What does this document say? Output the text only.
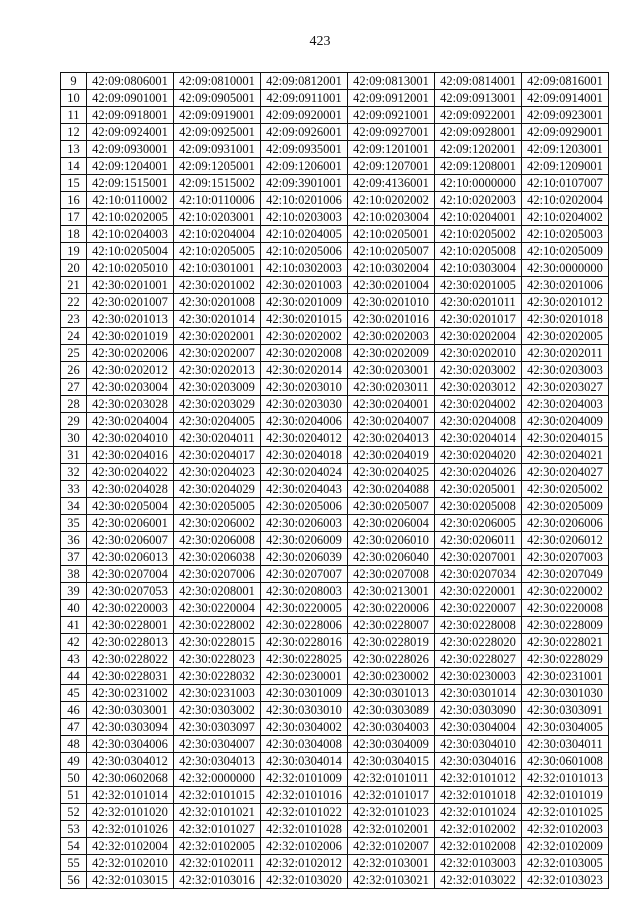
423
9	42:09:0806001	42:09:0810001	42:09:0812001	42:09:0813001	42:09:0814001	42:09:0816001
10	42:09:0901001	42:09:0905001	42:09:0911001	42:09:0912001	42:09:0913001	42:09:0914001
11	42:09:0918001	42:09:0919001	42:09:0920001	42:09:0921001	42:09:0922001	42:09:0923001
12	42:09:0924001	42:09:0925001	42:09:0926001	42:09:0927001	42:09:0928001	42:09:0929001
13	42:09:0930001	42:09:0931001	42:09:0935001	42:09:1201001	42:09:1202001	42:09:1203001
14	42:09:1204001	42:09:1205001	42:09:1206001	42:09:1207001	42:09:1208001	42:09:1209001
15	42:09:1515001	42:09:1515002	42:09:3901001	42:09:4136001	42:10:0000000	42:10:0107007
16	42:10:0110002	42:10:0110006	42:10:0201006	42:10:0202002	42:10:0202003	42:10:0202004
17	42:10:0202005	42:10:0203001	42:10:0203003	42:10:0203004	42:10:0204001	42:10:0204002
18	42:10:0204003	42:10:0204004	42:10:0204005	42:10:0205001	42:10:0205002	42:10:0205003
19	42:10:0205004	42:10:0205005	42:10:0205006	42:10:0205007	42:10:0205008	42:10:0205009
20	42:10:0205010	42:10:0301001	42:10:0302003	42:10:0302004	42:10:0303004	42:30:0000000
21	42:30:0201001	42:30:0201002	42:30:0201003	42:30:0201004	42:30:0201005	42:30:0201006
22	42:30:0201007	42:30:0201008	42:30:0201009	42:30:0201010	42:30:0201011	42:30:0201012
23	42:30:0201013	42:30:0201014	42:30:0201015	42:30:0201016	42:30:0201017	42:30:0201018
24	42:30:0201019	42:30:0202001	42:30:0202002	42:30:0202003	42:30:0202004	42:30:0202005
25	42:30:0202006	42:30:0202007	42:30:0202008	42:30:0202009	42:30:0202010	42:30:0202011
26	42:30:0202012	42:30:0202013	42:30:0202014	42:30:0203001	42:30:0203002	42:30:0203003
27	42:30:0203004	42:30:0203009	42:30:0203010	42:30:0203011	42:30:0203012	42:30:0203027
28	42:30:0203028	42:30:0203029	42:30:0203030	42:30:0204001	42:30:0204002	42:30:0204003
29	42:30:0204004	42:30:0204005	42:30:0204006	42:30:0204007	42:30:0204008	42:30:0204009
30	42:30:0204010	42:30:0204011	42:30:0204012	42:30:0204013	42:30:0204014	42:30:0204015
31	42:30:0204016	42:30:0204017	42:30:0204018	42:30:0204019	42:30:0204020	42:30:0204021
32	42:30:0204022	42:30:0204023	42:30:0204024	42:30:0204025	42:30:0204026	42:30:0204027
33	42:30:0204028	42:30:0204029	42:30:0204043	42:30:0204088	42:30:0205001	42:30:0205002
34	42:30:0205004	42:30:0205005	42:30:0205006	42:30:0205007	42:30:0205008	42:30:0205009
35	42:30:0206001	42:30:0206002	42:30:0206003	42:30:0206004	42:30:0206005	42:30:0206006
36	42:30:0206007	42:30:0206008	42:30:0206009	42:30:0206010	42:30:0206011	42:30:0206012
37	42:30:0206013	42:30:0206038	42:30:0206039	42:30:0206040	42:30:0207001	42:30:0207003
38	42:30:0207004	42:30:0207006	42:30:0207007	42:30:0207008	42:30:0207034	42:30:0207049
39	42:30:0207053	42:30:0208001	42:30:0208003	42:30:0213001	42:30:0220001	42:30:0220002
40	42:30:0220003	42:30:0220004	42:30:0220005	42:30:0220006	42:30:0220007	42:30:0220008
41	42:30:0228001	42:30:0228002	42:30:0228006	42:30:0228007	42:30:0228008	42:30:0228009
42	42:30:0228013	42:30:0228015	42:30:0228016	42:30:0228019	42:30:0228020	42:30:0228021
43	42:30:0228022	42:30:0228023	42:30:0228025	42:30:0228026	42:30:0228027	42:30:0228029
44	42:30:0228031	42:30:0228032	42:30:0230001	42:30:0230002	42:30:0230003	42:30:0231001
45	42:30:0231002	42:30:0231003	42:30:0301009	42:30:0301013	42:30:0301014	42:30:0301030
46	42:30:0303001	42:30:0303002	42:30:0303010	42:30:0303089	42:30:0303090	42:30:0303091
47	42:30:0303094	42:30:0303097	42:30:0304002	42:30:0304003	42:30:0304004	42:30:0304005
48	42:30:0304006	42:30:0304007	42:30:0304008	42:30:0304009	42:30:0304010	42:30:0304011
49	42:30:0304012	42:30:0304013	42:30:0304014	42:30:0304015	42:30:0304016	42:30:0601008
50	42:30:0602068	42:32:0000000	42:32:0101009	42:32:0101011	42:32:0101012	42:32:0101013
51	42:32:0101014	42:32:0101015	42:32:0101016	42:32:0101017	42:32:0101018	42:32:0101019
52	42:32:0101020	42:32:0101021	42:32:0101022	42:32:0101023	42:32:0101024	42:32:0101025
53	42:32:0101026	42:32:0101027	42:32:0101028	42:32:0102001	42:32:0102002	42:32:0102003
54	42:32:0102004	42:32:0102005	42:32:0102006	42:32:0102007	42:32:0102008	42:32:0102009
55	42:32:0102010	42:32:0102011	42:32:0102012	42:32:0103001	42:32:0103003	42:32:0103005
56	42:32:0103015	42:32:0103016	42:32:0103020	42:32:0103021	42:32:0103022	42:32:0103023
